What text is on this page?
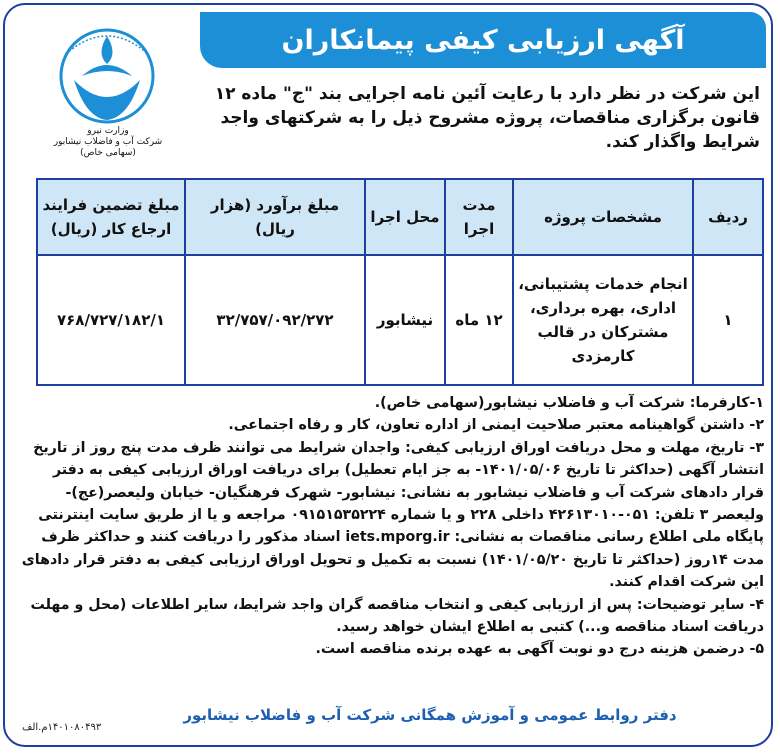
آگهی ارزیابی کیفی پیمانکاران
وزارت نیرو
شرکت آب و فاضلاب نیشابور
(سهامی خاص)
این شرکت در نظر دارد با رعایت آئین نامه اجرایی بند "ج" ماده ۱۲ قانون برگزاری مناقصات، پروژه مشروح ذیل را به شرکتهای واجد شرایط واگذار کند.
ردیف	مشخصات پروژه	مدت اجرا	محل اجرا	مبلغ برآورد (هزار ریال)	مبلغ تضمین فرایند ارجاع کار (ریال)
۱	انجام خدمات پشتیبانی، اداری، بهره برداری، مشترکان در قالب کارمزدی	۱۲ ماه	نیشابور	۳۲/۷۵۷/۰۹۲/۲۷۲	۷۶۸/۷۲۷/۱۸۲/۱

۱-کارفرما: شرکت آب و فاضلاب نیشابور(سهامی خاص).

۲- داشتن گواهینامه معتبر صلاحیت ایمنی از اداره تعاون، کار و رفاه اجتماعی.

۳- تاریخ، مهلت و محل دریافت اوراق ارزیابی کیفی: واجدان شرایط می توانند ظرف مدت پنج روز از تاریخ انتشار آگهی (حداکثر تا تاریخ ۱۴۰۱/۰۵/۰۶- به جز ایام تعطیل) برای دریافت اوراق ارزیابی کیفی به دفتر قرار دادهای شرکت آب و فاضلاب نیشابور به نشانی: نیشابور- شهرک فرهنگیان- خیابان ولیعصر(عج)- ولیعصر ۳ تلفن: ۰۵۱-۴۲۶۱۳۰۱۰ داخلی ۲۲۸ و یا شماره ۰۹۱۵۱۵۳۵۲۲۴ مراجعه و یا از طریق سایت اینترنتی پایگاه ملی اطلاع رسانی مناقصات به نشانی: iets.mporg.ir اسناد مذکور را دریافت کنند و حداکثر ظرف مدت ۱۴روز (حداکثر تا تاریخ ۱۴۰۱/۰۵/۲۰) نسبت به تکمیل و تحویل اوراق ارزیابی کیفی به دفتر قرار دادهای این شرکت اقدام کنند.

۴- سایر توضیحات: پس از ارزیابی کیفی و انتخاب مناقصه گران واجد شرایط، سایر اطلاعات (محل و مهلت دریافت اسناد مناقصه و...) کتبی به اطلاع ایشان خواهد رسید.

۵- درضمن هزینه درج دو نوبت آگهی به عهده برنده مناقصه است.

دفتر روابط عمومی و آموزش همگانی شرکت آب و فاضلاب نیشابور
۱۴۰۱۰۸۰۴۹۳م.الف
